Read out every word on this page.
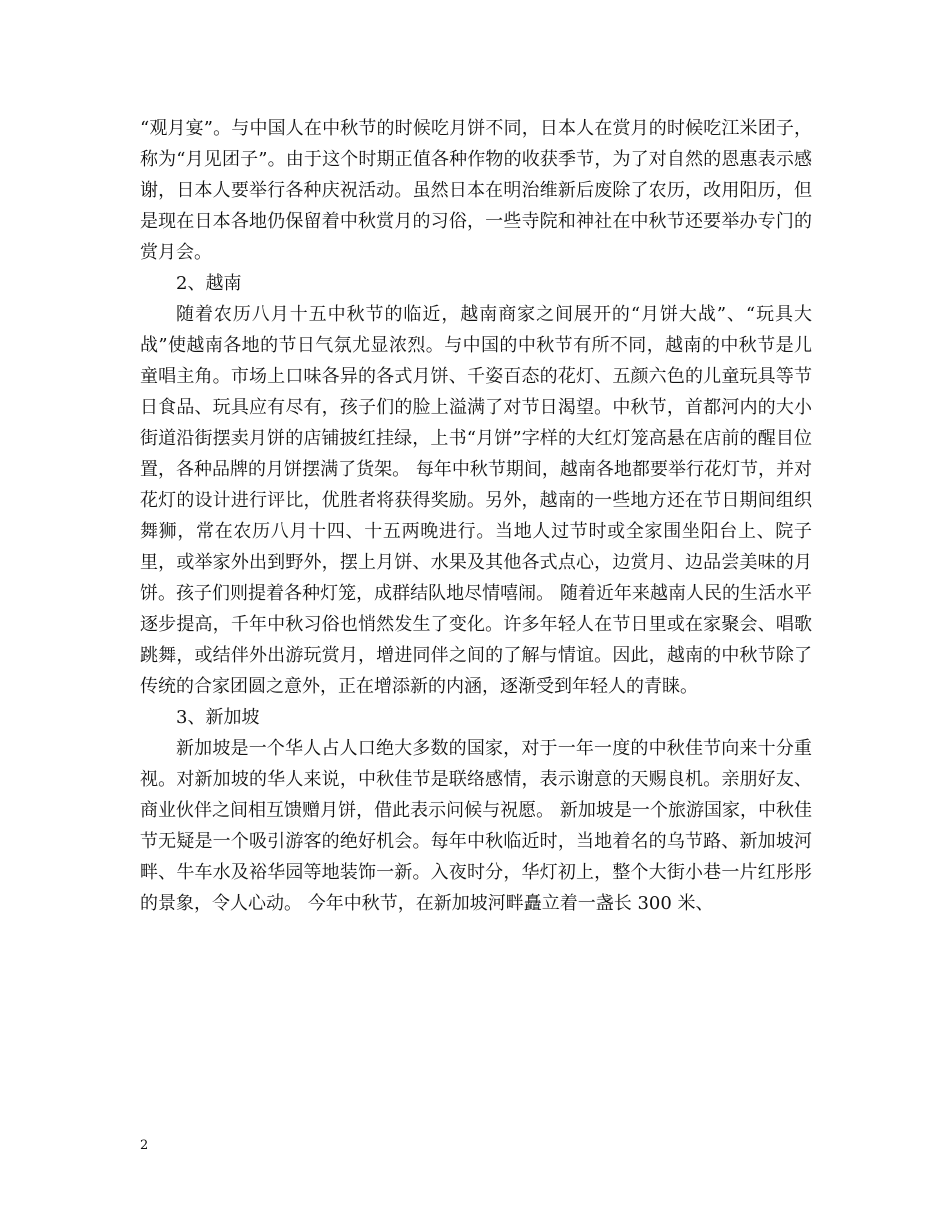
“观月宴”。与中国人在中秋节的时候吃月饼不同，日本人在赏月的时候吃江米团子，称为“月见团子”。由于这个时期正值各种作物的收获季节，为了对自然的恩惠表示感谢，日本人要举行各种庆祝活动。虽然日本在明治维新后废除了农历，改用阳历，但是现在日本各地仍保留着中秋赏月的习俗，一些寺院和神社在中秋节还要举办专门的赏月会。

2、越南

随着农历八月十五中秋节的临近，越南商家之间展开的“月饼大战”、“玩具大战”使越南各地的节日气氛尤显浓烈。与中国的中秋节有所不同，越南的中秋节是儿童唱主角。市场上口味各异的各式月饼、千姿百态的花灯、五颜六色的儿童玩具等节日食品、玩具应有尽有，孩子们的脸上溢满了对节日渴望。中秋节，首都河内的大小街道沿街摆卖月饼的店铺披红挂绿，上书“月饼”字样的大红灯笼高悬在店前的醒目位置，各种品牌的月饼摆满了货架。 每年中秋节期间，越南各地都要举行花灯节，并对花灯的设计进行评比，优胜者将获得奖励。另外，越南的一些地方还在节日期间组织舞狮，常在农历八月十四、十五两晚进行。当地人过节时或全家围坐阳台上、院子里，或举家外出到野外，摆上月饼、水果及其他各式点心，边赏月、边品尝美味的月饼。孩子们则提着各种灯笼，成群结队地尽情嘻闹。 随着近年来越南人民的生活水平逐步提高，千年中秋习俗也悄然发生了变化。许多年轻人在节日里或在家聚会、唱歌跳舞，或结伴外出游玩赏月，增进同伴之间的了解与情谊。因此，越南的中秋节除了传统的合家团圆之意外，正在增添新的内涵，逐渐受到年轻人的青睐。

3、新加坡

新加坡是一个华人占人口绝大多数的国家，对于一年一度的中秋佳节向来十分重视。对新加坡的华人来说，中秋佳节是联络感情，表示谢意的天赐良机。亲朋好友、商业伙伴之间相互馈赠月饼，借此表示问候与祝愿。 新加坡是一个旅游国家，中秋佳节无疑是一个吸引游客的绝好机会。每年中秋临近时，当地着名的乌节路、新加坡河畔、牛车水及裕华园等地装饰一新。入夜时分，华灯初上，整个大街小巷一片红彤彤的景象，令人心动。 今年中秋节，在新加坡河畔矗立着一盏长 300 米、

2
